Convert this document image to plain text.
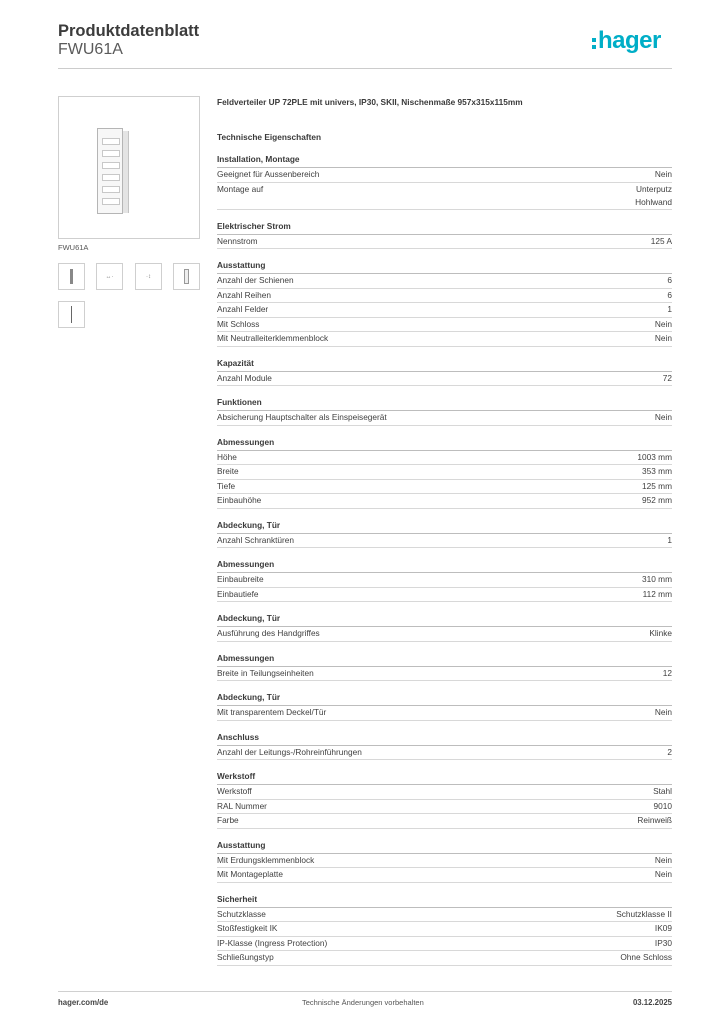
Produktdatenblatt
FWU61A	hager
FWU61A
↔·	·↕
Feldverteiler UP 72PLE mit univers, IP30, SKII, Nischenmaße 957x315x115mm
Technische Eigenschaften
Installation, Montage
Geeignet für Aussenbereich	Nein
Montage auf	Unterputz
Hohlwand
Elektrischer Strom
Nennstrom	125 A
Ausstattung
Anzahl der Schienen	6
Anzahl Reihen	6
Anzahl Felder	1
Mit Schloss	Nein
Mit Neutralleiterklemmenblock	Nein
Kapazität
Anzahl Module	72
Funktionen
Absicherung Hauptschalter als Einspeisegerät	Nein
Abmessungen
Höhe	1003 mm
Breite	353 mm
Tiefe	125 mm
Einbauhöhe	952 mm
Abdeckung, Tür
Anzahl Schranktüren	1
Abmessungen
Einbaubreite	310 mm
Einbautiefe	112 mm
Abdeckung, Tür
Ausführung des Handgriffes	Klinke
Abmessungen
Breite in Teilungseinheiten	12
Abdeckung, Tür
Mit transparentem Deckel/Tür	Nein
Anschluss
Anzahl der Leitungs-/Rohreinführungen	2
Werkstoff
Werkstoff	Stahl
RAL Nummer	9010
Farbe	Reinweiß
Ausstattung
Mit Erdungsklemmenblock	Nein
Mit Montageplatte	Nein
Sicherheit
Schutzklasse	Schutzklasse II
Stoßfestigkeit IK	IK09
IP-Klasse (Ingress Protection)	IP30
Schließungstyp	Ohne Schloss
hager.com/de	Technische Änderungen vorbehalten	03.12.2025
